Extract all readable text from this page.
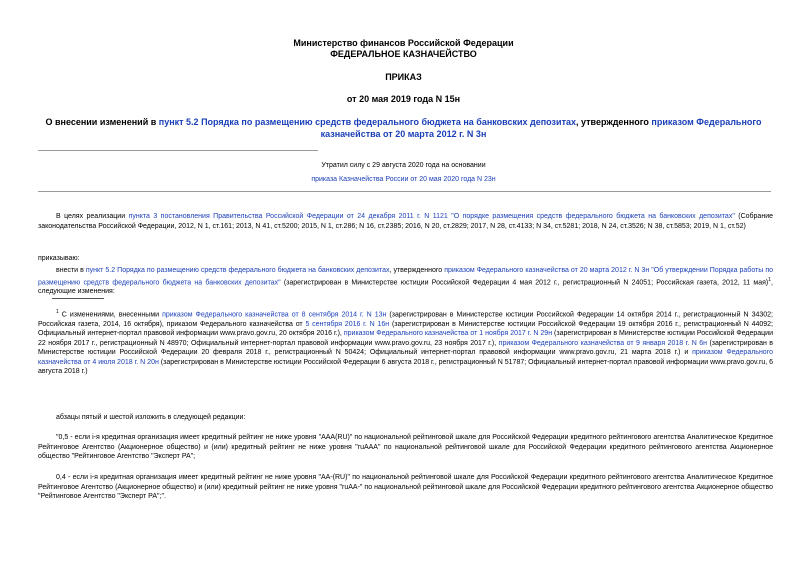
Министерство финансов Российской Федерации
ФЕДЕРАЛЬНОЕ КАЗНАЧЕЙСТВО
ПРИКАЗ
от 20 мая 2019 года N 15н
О внесении изменений в пункт 5.2 Порядка по размещению средств федерального бюджета на банковских депозитах, утвержденного приказом Федерального казначейства от 20 марта 2012 г. N 3н
Утратил силу с 29 августа 2020 года на основании
приказа Казначейства России от 20 мая 2020 года N 23н
В целях реализации пункта 3 постановления Правительства Российской Федерации от 24 декабря 2011 г. N 1121 "О порядке размещения средств федерального бюджета на банковских депозитах" (Собрание законодательства Российской Федерации, 2012, N 1, ст.161; 2013, N 41, ст.5200; 2015, N 1, ст.286; N 16, ст.2385; 2016, N 20, ст.2829; 2017, N 28, ст.4133; N 34, ст.5281; 2018, N 24, ст.3526; N 38, ст.5853; 2019, N 1, ст.52)
приказываю:
внести в пункт 5.2 Порядка по размещению средств федерального бюджета на банковских депозитах, утвержденного приказом Федерального казначейства от 20 марта 2012 г. N 3н "Об утверждении Порядка работы по размещению средств федерального бюджета на банковских депозитах" (зарегистрирован в Министерстве юстиции Российской Федерации 4 мая 2012 г., регистрационный N 24051; Российская газета, 2012, 11 мая)$^1$, следующие изменения:
$^1$ С изменениями, внесенными приказом Федерального казначейства от 8 сентября 2014 г. N 13н (зарегистрирован в Министерстве юстиции Российской Федерации 14 октября 2014 г., регистрационный N 34302; Российская газета, 2014, 16 октября), приказом Федерального казначейства от 5 сентября 2016 г. N 16н (зарегистрирован в Министерстве юстиции Российской Федерации 19 октября 2016 г., регистрационный N 44092; Официальный интернет-портал правовой информации www.pravo.gov.ru, 20 октября 2016 г.), приказом Федерального казначейства от 1 ноября 2017 г. N 29н (зарегистрирован в Министерстве юстиции Российской Федерации 22 ноября 2017 г., регистрационный N 48970; Официальный интернет-портал правовой информации www.pravo.gov.ru, 23 ноября 2017 г.), приказом Федерального казначейства от 9 января 2018 г. N 6н (зарегистрирован в Министерстве юстиции Российской Федерации 20 февраля 2018 г., регистрационный N 50424; Официальный интернет-портал правовой информации www.pravo.gov.ru, 21 марта 2018 г.) и приказом Федерального казначейства от 4 июля 2018 г. N 20н (зарегистрирован в Министерстве юстиции Российской Федерации 6 августа 2018 г., регистрационный N 51787; Официальный интернет-портал правовой информации www.pravo.gov.ru, 6 августа 2018 г.)
абзацы пятый и шестой изложить в следующей редакции:
"0,5 - если i-я кредитная организация имеет кредитный рейтинг не ниже уровня "AAA(RU)" по национальной рейтинговой шкале для Российской Федерации кредитного рейтингового агентства Аналитическое Кредитное Рейтинговое Агентство (Акционерное общество) и (или) кредитный рейтинг не ниже уровня "ruAAA" по национальной рейтинговой шкале для Российской Федерации кредитного рейтингового агентства Акционерное общество "Рейтинговое Агентство "Эксперт РА";
0,4 - если i-я кредитная организация имеет кредитный рейтинг не ниже уровня "AA-(RU)" по национальной рейтинговой шкале для Российской Федерации кредитного рейтингового агентства Аналитическое Кредитное Рейтинговое Агентство (Акционерное общество) и (или) кредитный рейтинг не ниже уровня "ruAA-" по национальной рейтинговой шкале для Российской Федерации кредитного рейтингового агентства Акционерное общество "Рейтинговое Агентство "Эксперт РА";".
